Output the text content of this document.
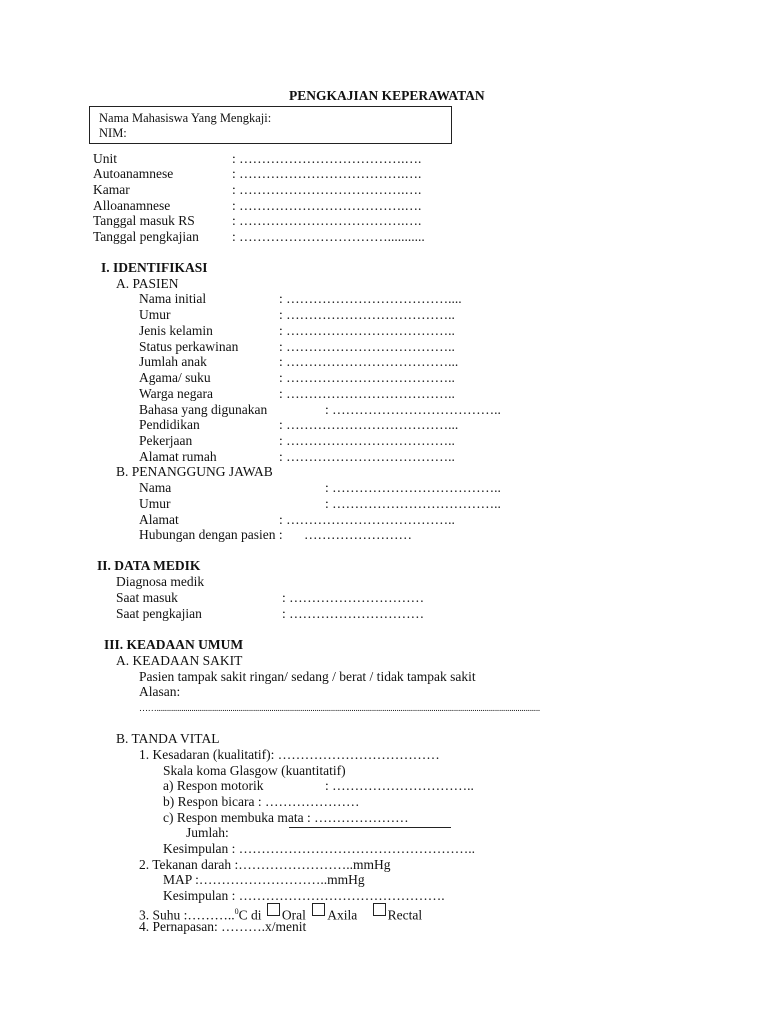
PENGKAJIAN KEPERAWATAN
Nama Mahasiswa Yang Mengkaji:
NIM:
Unit	: ……………………………….….
Autoanamnese	: ……………………………….….
Kamar	: ……………………………….….
Alloanamnese	: ……………………………….….
Tanggal masuk RS	: ……………………………….….
Tanggal pengkajian : ……………………………...........
I. IDENTIFIKASI
A. PASIEN
Nama initial	: ………………………………....
Umur	: ………………………………..
Jenis kelamin	: ………………………………..
Status perkawinan	: ………………………………..
Jumlah anak	: ………………………………...
Agama/ suku	: ………………………………..
Warga negara	: ………………………………..
Bahasa yang digunakan	: ………………………………..
Pendidikan	: ………………………………...
Pekerjaan	: ………………………………..
Alamat rumah	: ………………………………..
B. PENANGGUNG JAWAB
Nama	: ………………………………..
Umur	: ………………………………..
Alamat	: ………………………………..
Hubungan dengan pasien : ……………………
II. DATA MEDIK
Diagnosa medik
Saat masuk	: …………………………
Saat pengkajian	: …………………………
III. KEADAAN UMUM
A. KEADAAN SAKIT
Pasien tampak sakit ringan/ sedang / berat / tidak tampak sakit
Alasan:
……...........................................................................................................................................................................................
B. TANDA VITAL
1. Kesadaran (kualitatif): ………………………………
Skala koma Glasgow (kuantitatif)
a) Respon motorik	: …………………………..
b) Respon bicara : …………………
c) Respon membuka mata : …………………
Jumlah:
Kesimpulan : ……………………………………………..
2. Tekanan darah :……………………..mmHg
MAP :………………………..mmHg
Kesimpulan : ……………………………………….
3. Suhu :………..$^0$C di Oral Axila Rectal
4. Pernapasan: ……….x/menit
